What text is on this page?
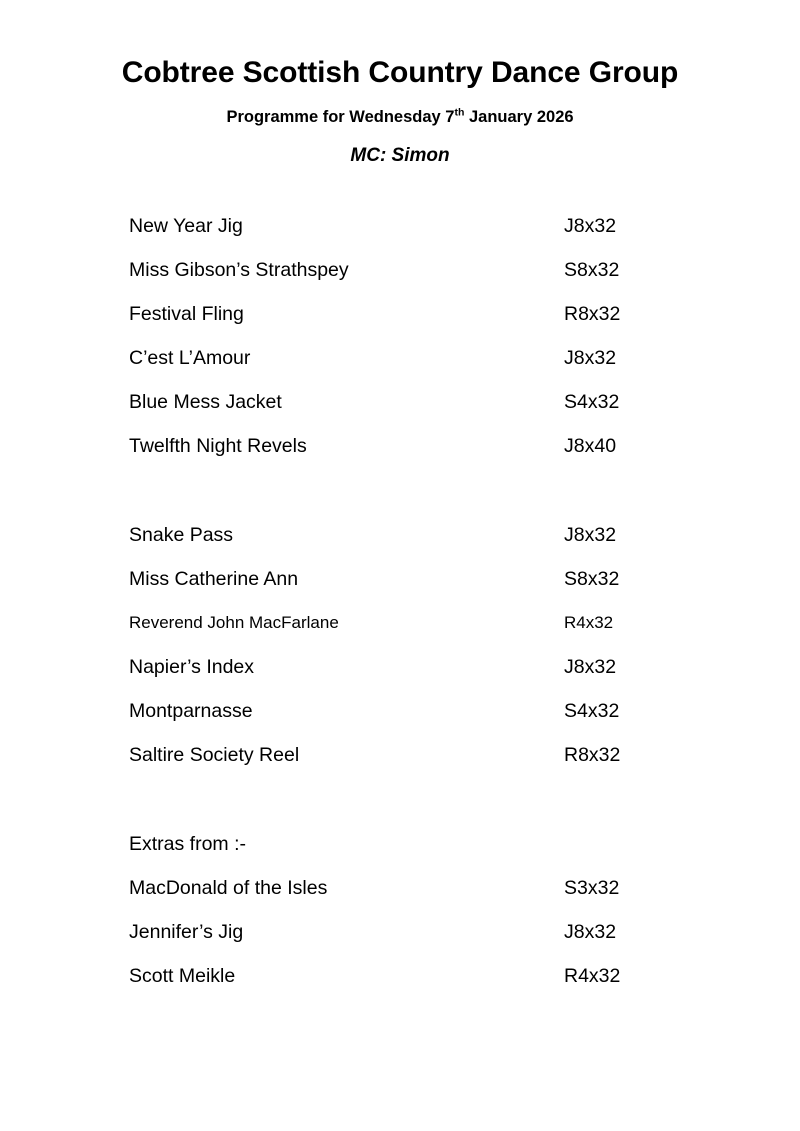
Cobtree Scottish Country Dance Group

Programme for Wednesday 7th January 2026

MC: Simon

New Year Jig	J8x32
Miss Gibson’s Strathspey	S8x32
Festival Fling	R8x32
C’est L’Amour	J8x32
Blue Mess Jacket	S4x32
Twelfth Night Revels	J8x40
Snake Pass	J8x32
Miss Catherine Ann	S8x32
Reverend John MacFarlane	R4x32
Napier’s Index	J8x32
Montparnasse	S4x32
Saltire Society Reel	R8x32
Extras from :-
MacDonald of the Isles	S3x32
Jennifer’s Jig	J8x32
Scott Meikle	R4x32
